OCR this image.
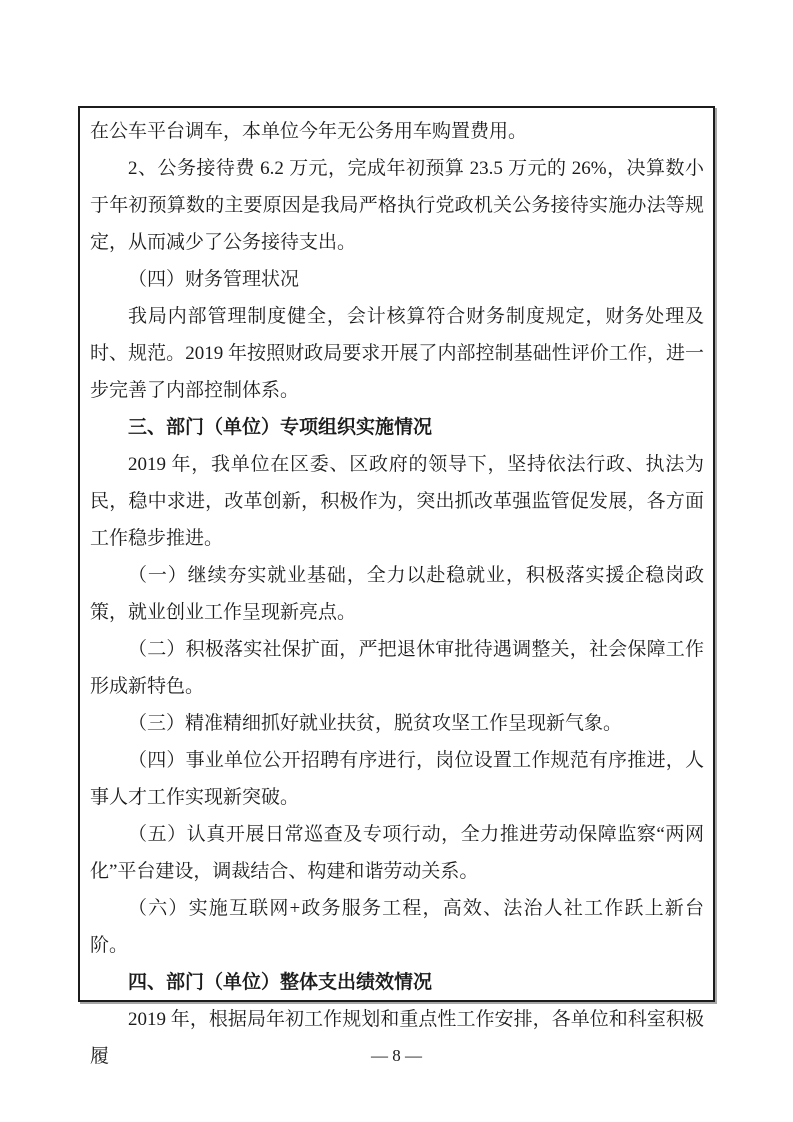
在公车平台调车，本单位今年无公务用车购置费用。

2、公务接待费 6.2 万元，完成年初预算 23.5 万元的 26%，决算数小于年初预算数的主要原因是我局严格执行党政机关公务接待实施办法等规定，从而减少了公务接待支出。

（四）财务管理状况

我局内部管理制度健全，会计核算符合财务制度规定，财务处理及时、规范。2019 年按照财政局要求开展了内部控制基础性评价工作，进一步完善了内部控制体系。

三、部门（单位）专项组织实施情况

2019 年，我单位在区委、区政府的领导下，坚持依法行政、执法为民，稳中求进，改革创新，积极作为，突出抓改革强监管促发展，各方面工作稳步推进。

（一）继续夯实就业基础，全力以赴稳就业，积极落实援企稳岗政策，就业创业工作呈现新亮点。

（二）积极落实社保扩面，严把退休审批待遇调整关，社会保障工作形成新特色。

（三）精准精细抓好就业扶贫，脱贫攻坚工作呈现新气象。

（四）事业单位公开招聘有序进行，岗位设置工作规范有序推进，人事人才工作实现新突破。

（五）认真开展日常巡查及专项行动，全力推进劳动保障监察“两网化”平台建设，调裁结合、构建和谐劳动关系。

（六）实施互联网+政务服务工程，高效、法治人社工作跃上新台阶。

四、部门（单位）整体支出绩效情况

2019 年，根据局年初工作规划和重点性工作安排，各单位和科室积极履	— 8 —
